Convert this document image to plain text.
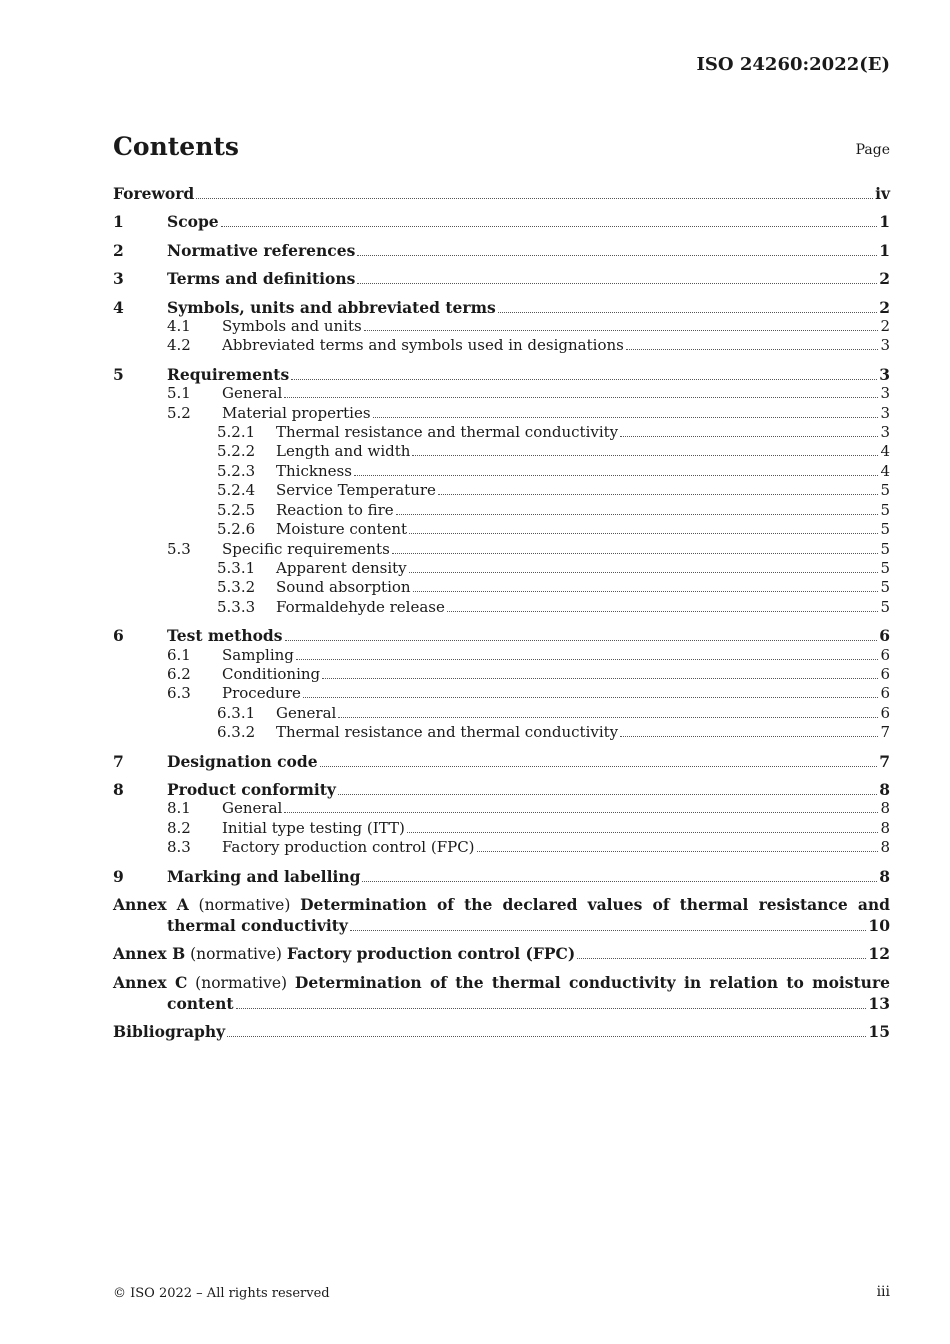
ISO 24260:2022(E)
Contents	Page
Foreword	iv
1	Scope	1
2	Normative references	1
3	Terms and definitions	2
4	Symbols, units and abbreviated terms	2
4.1	Symbols and units	2
4.2	Abbreviated terms and symbols used in designations	3
5	Requirements	3
5.1	General	3
5.2	Material properties	3
5.2.1	Thermal resistance and thermal conductivity	3
5.2.2	Length and width	4
5.2.3	Thickness	4
5.2.4	Service Temperature	5
5.2.5	Reaction to fire	5
5.2.6	Moisture content	5
5.3	Specific requirements	5
5.3.1	Apparent density	5
5.3.2	Sound absorption	5
5.3.3	Formaldehyde release	5
6	Test methods	6
6.1	Sampling	6
6.2	Conditioning	6
6.3	Procedure	6
6.3.1	General	6
6.3.2	Thermal resistance and thermal conductivity	7
7	Designation code	7
8	Product conformity	8
8.1	General	8
8.2	Initial type testing (ITT)	8
8.3	Factory production control (FPC)	8
9	Marking and labelling	8
Annex A (normative) Determination of the declared values of thermal resistance and
thermal conductivity	10
Annex B (normative) Factory production control (FPC)	12
Annex C (normative) Determination of the thermal conductivity in relation to moisture
content	13
Bibliography	15
© ISO 2022 – All rights reserved	iii
